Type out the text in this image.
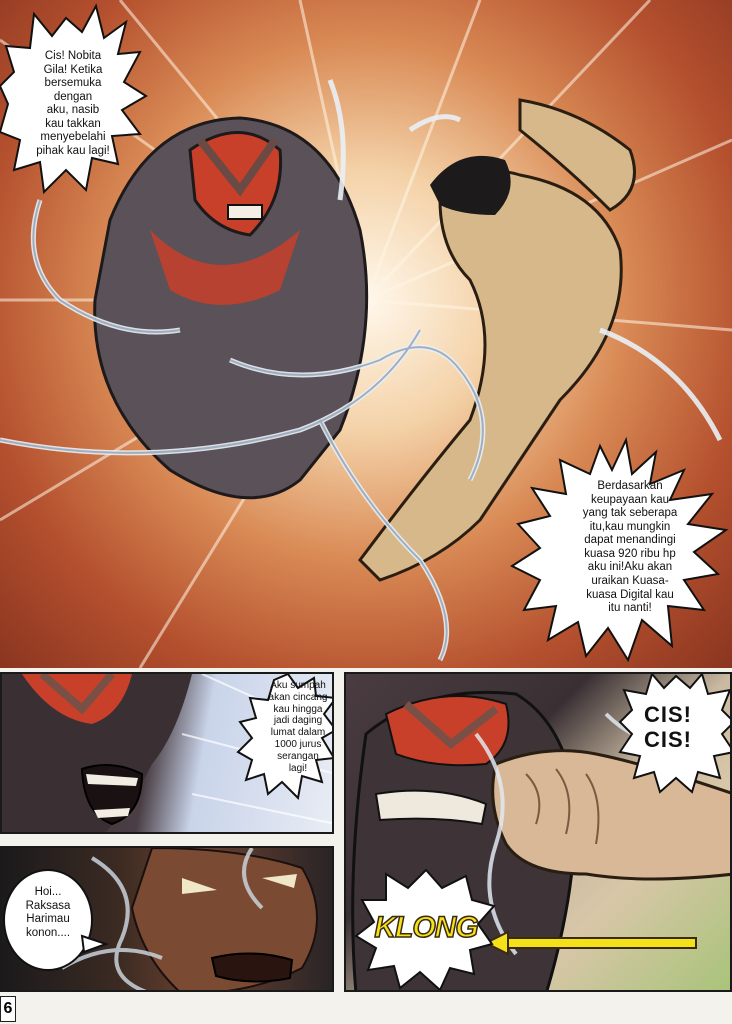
Cis! Nobita
Gila! Ketika
bersemuka
dengan
aku, nasib
kau takkan
menyebelahi
pihak kau lagi!
Berdasarkan
keupayaan kau
yang tak seberapa
itu,kau mungkin
dapat menandingi
kuasa 920 ribu hp
aku ini!Aku akan
uraikan Kuasa-
kuasa Digital kau
itu nanti!
Aku sumpah
akan cincang
kau hingga
jadi daging
lumat dalam
1000 jurus
serangan
lagi!
Hoi...
Raksasa
Harimau
konon....
CIS!
CIS!
KLONG
6
